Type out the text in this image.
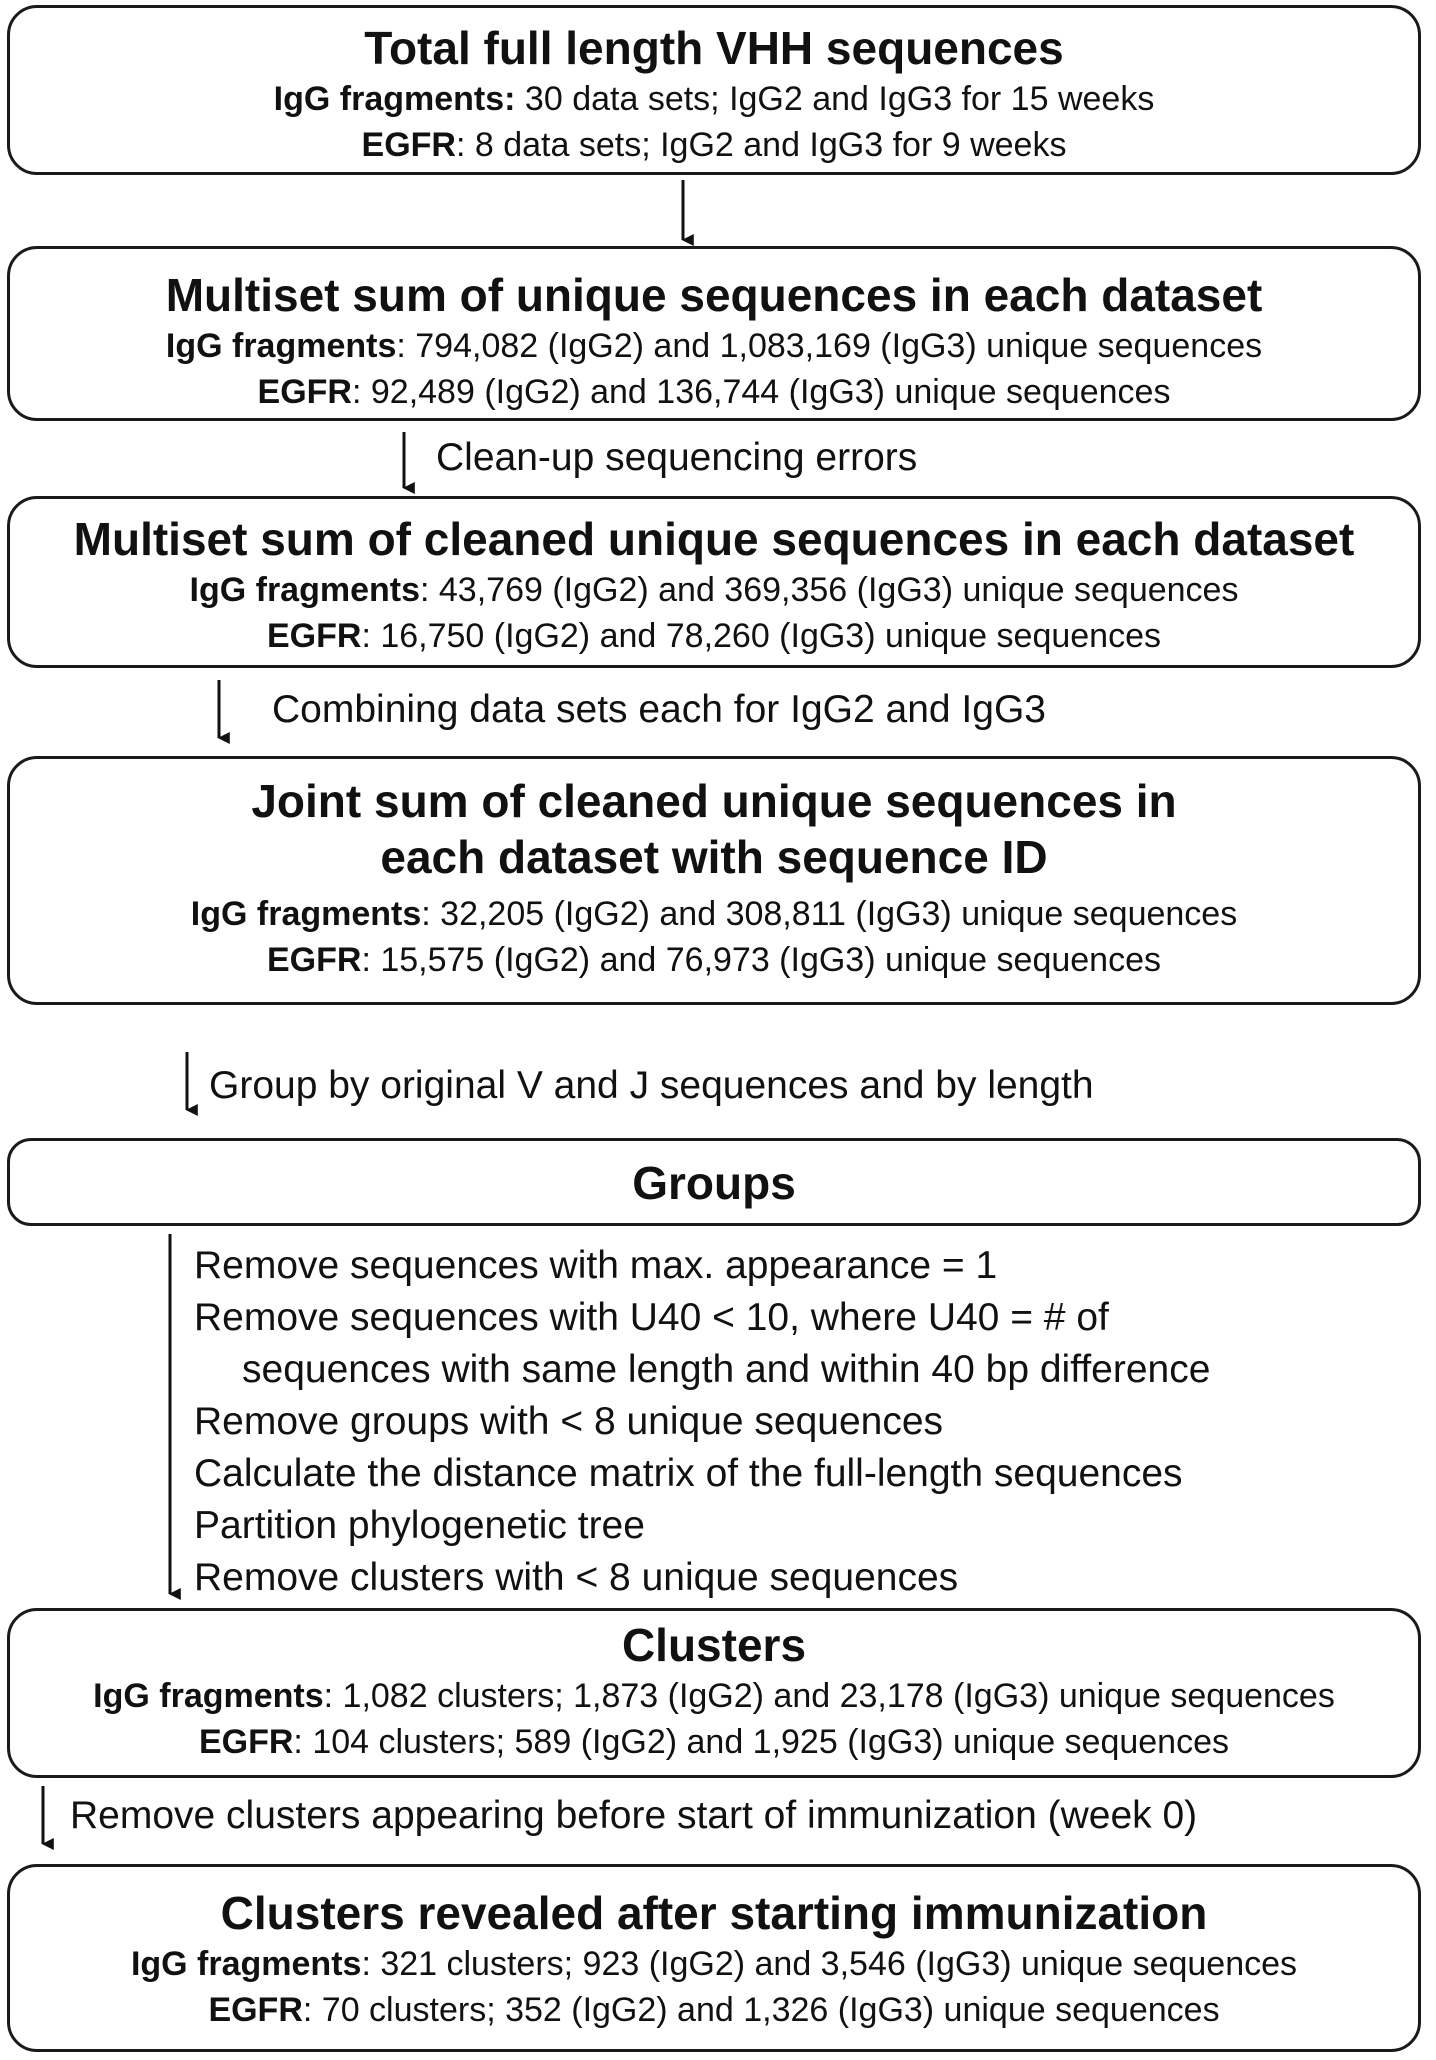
Total full length VHH sequences
IgG fragments: 30 data sets; IgG2 and IgG3 for 15 weeks
EGFR: 8 data sets; IgG2 and IgG3 for 9 weeks
Multiset sum of unique sequences in each dataset
IgG fragments: 794,082 (IgG2) and 1,083,169 (IgG3) unique sequences
EGFR: 92,489 (IgG2) and 136,744 (IgG3) unique sequences
Multiset sum of cleaned unique sequences in each dataset
IgG fragments: 43,769 (IgG2) and 369,356 (IgG3) unique sequences
EGFR: 16,750 (IgG2) and 78,260 (IgG3) unique sequences
Joint sum of cleaned unique sequences in
each dataset with sequence ID
IgG fragments: 32,205 (IgG2) and 308,811 (IgG3) unique sequences
EGFR: 15,575 (IgG2) and 76,973 (IgG3) unique sequences
Groups
Clusters
IgG fragments: 1,082 clusters; 1,873 (IgG2) and 23,178 (IgG3) unique sequences
EGFR: 104 clusters; 589 (IgG2) and 1,925 (IgG3) unique sequences
Clusters revealed after starting immunization
IgG fragments: 321 clusters; 923 (IgG2) and 3,546 (IgG3) unique sequences
EGFR: 70 clusters; 352 (IgG2) and 1,326 (IgG3) unique sequences
Clean-up sequencing errors
Combining data sets each for IgG2 and IgG3
Group by original V and J sequences and by length
Remove clusters appearing before start of immunization (week 0)
Remove sequences with max. appearance = 1
Remove sequences with U40 < 10, where U40 = # of
sequences with same length and within 40 bp difference
Remove groups with < 8 unique sequences
Calculate the distance matrix of the full-length sequences
Partition phylogenetic tree
Remove clusters with < 8 unique sequences
